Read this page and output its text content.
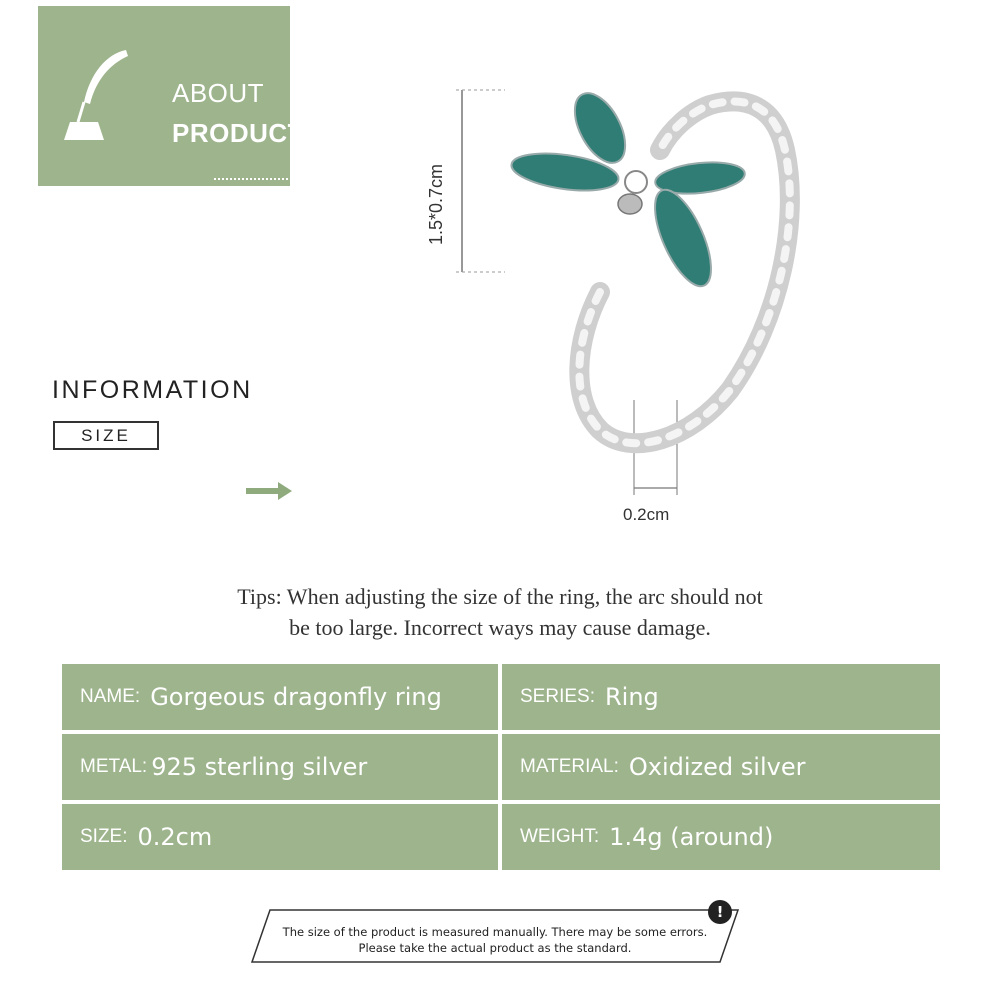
ABOUT
PRODUCT
INFORMATION
SIZE
1.5*0.7cm
0.2cm
Tips: When adjusting the size of the ring, the arc should not
be too large. Incorrect ways may cause damage.
NAME: Gorgeous dragonfly ring	SERIES: Ring
METAL: 925 sterling silver	MATERIAL: Oxidized silver
SIZE: 0.2cm	WEIGHT: 1.4g (around)
The size of the product is measured manually. There may be some errors.
Please take the actual product as the standard.
!
